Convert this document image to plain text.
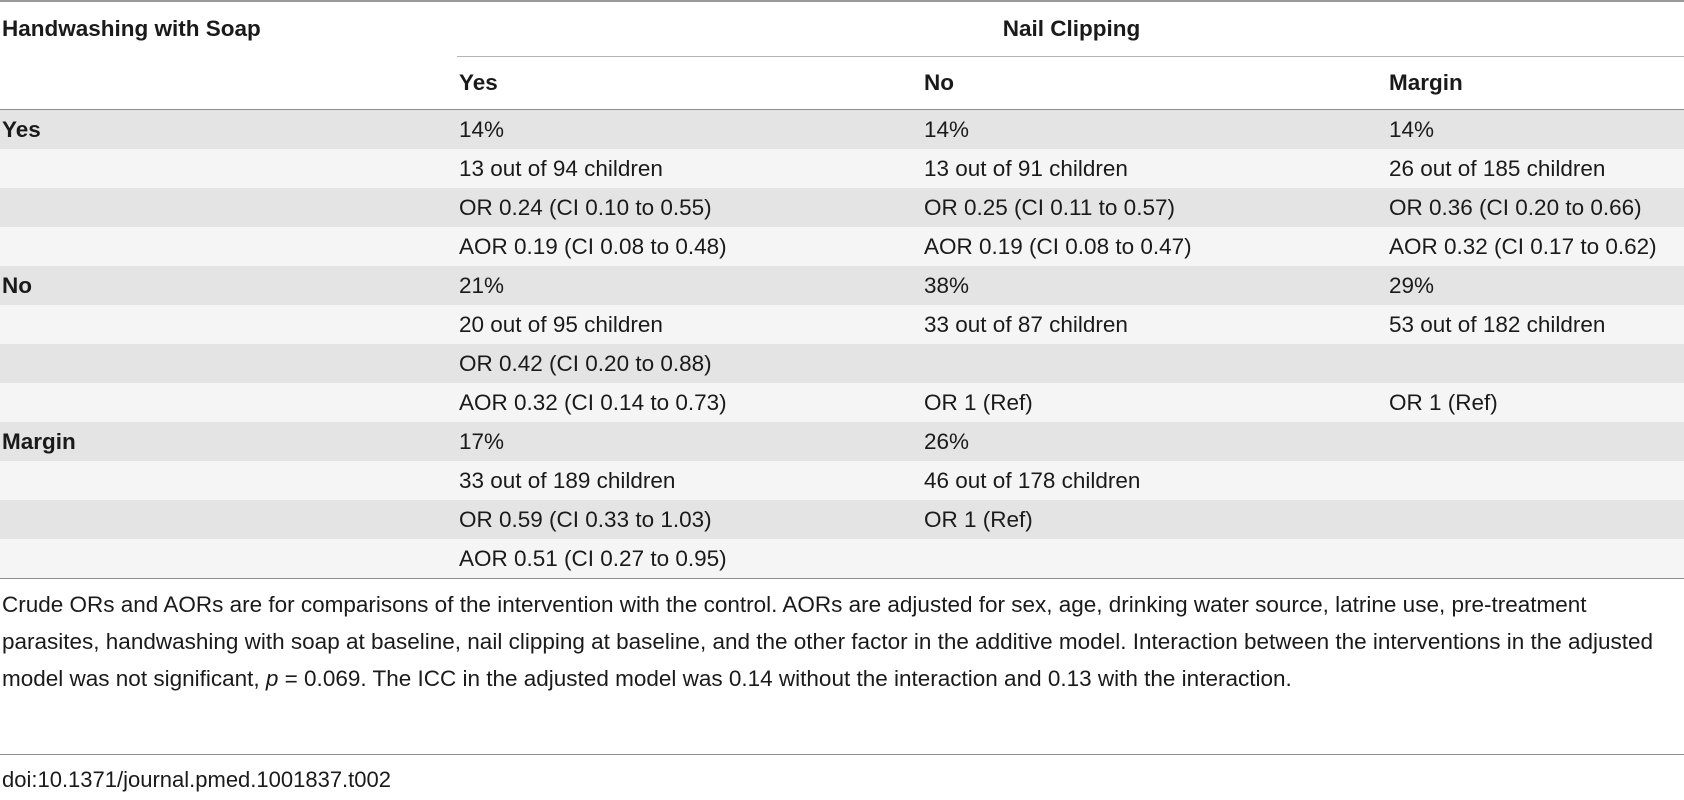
Handwashing with Soap	Nail Clipping		
	Yes	No	Margin
Yes	14%	14%	14%
	13 out of 94 children	13 out of 91 children	26 out of 185 children
	OR 0.24 (CI 0.10 to 0.55)	OR 0.25 (CI 0.11 to 0.57)	OR 0.36 (CI 0.20 to 0.66)
	AOR 0.19 (CI 0.08 to 0.48)	AOR 0.19 (CI 0.08 to 0.47)	AOR 0.32 (CI 0.17 to 0.62)
No	21%	38%	29%
	20 out of 95 children	33 out of 87 children	53 out of 182 children
	OR 0.42 (CI 0.20 to 0.88)		
	AOR 0.32 (CI 0.14 to 0.73)	OR 1 (Ref)	OR 1 (Ref)
Margin	17%	26%	
	33 out of 189 children	46 out of 178 children	
	OR 0.59 (CI 0.33 to 1.03)	OR 1 (Ref)	
	AOR 0.51 (CI 0.27 to 0.95)		

Crude ORs and AORs are for comparisons of the intervention with the control. AORs are adjusted for sex, age, drinking water source, latrine use, pre-treatment parasites, handwashing with soap at baseline, nail clipping at baseline, and the other factor in the additive model. Interaction between the interventions in the adjusted model was not significant, p = 0.069. The ICC in the adjusted model was 0.14 without the interaction and 0.13 with the interaction.

doi:10.1371/journal.pmed.1001837.t002
